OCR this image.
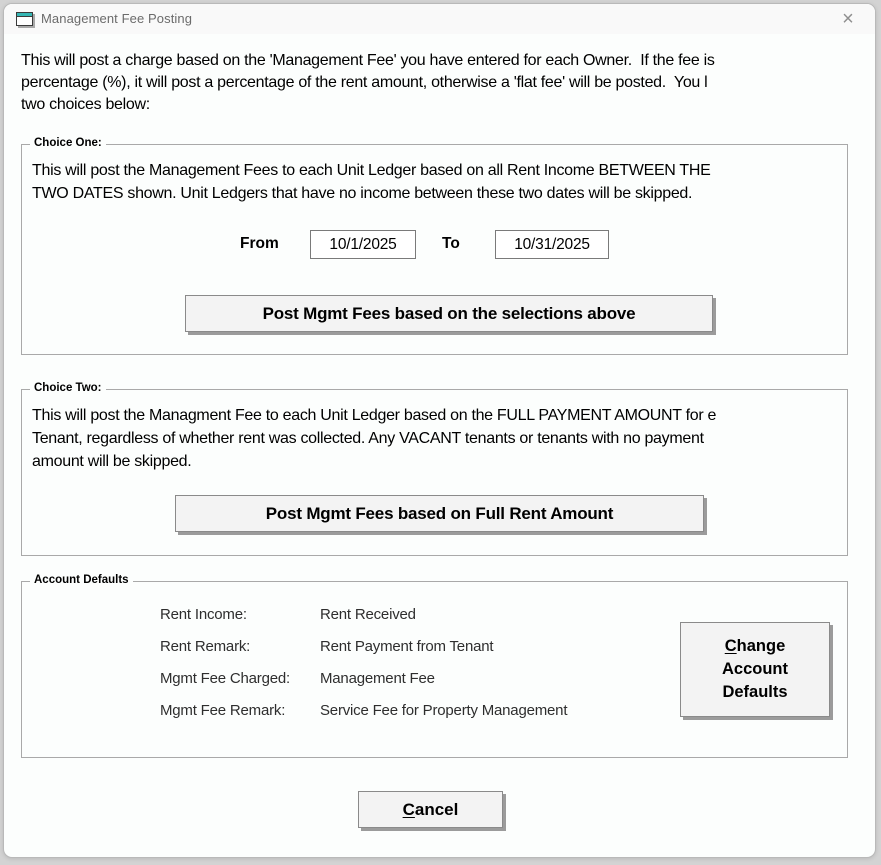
Management Fee Posting	×
This will post a charge based on the 'Management Fee' you have entered for each Owner.  If the fee is
percentage (%), it will post a percentage of the rent amount, otherwise a 'flat fee' will be posted.  You l
two choices below:
Choice One:
This will post the Management Fees to each Unit Ledger based on all Rent Income BETWEEN THE
TWO DATES shown. Unit Ledgers that have no income between these two dates will be skipped.
From
10/1/2025	To
10/31/2025
Post Mgmt Fees based on the selections above
Choice Two:
This will post the Managment Fee to each Unit Ledger based on the FULL PAYMENT AMOUNT for e
Tenant, regardless of whether rent was collected. Any VACANT tenants or tenants with no payment
amount will be skipped.
Post Mgmt Fees based on Full Rent Amount
Account Defaults
Rent Income:	Rent Received
Rent Remark:	Rent Payment from Tenant
Mgmt Fee Charged: Management Fee
Mgmt Fee Remark: Service Fee for Property Management
Change
Account
Defaults
Cancel
